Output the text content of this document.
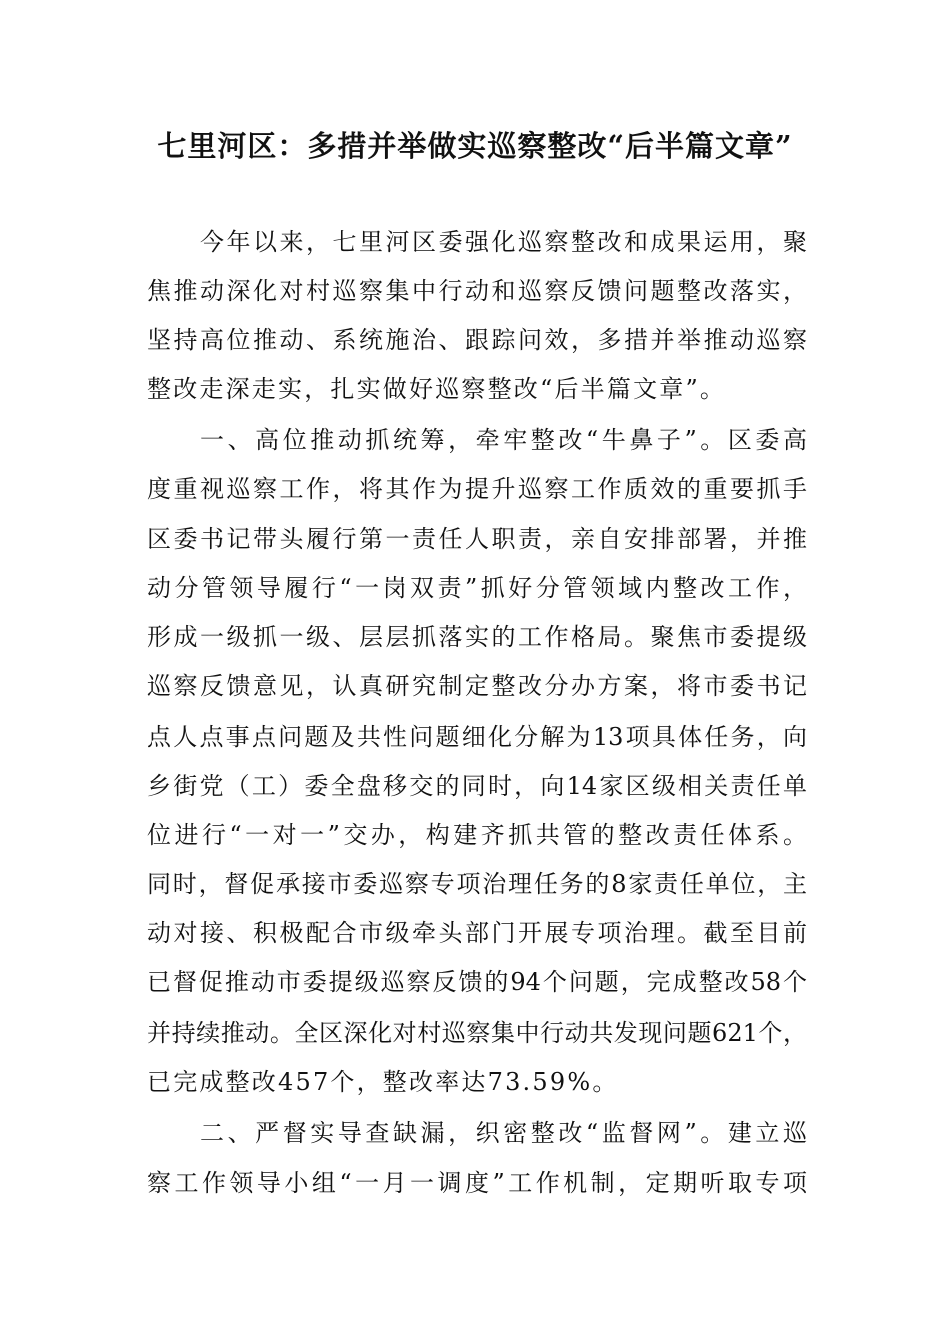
七里河区：多措并举做实巡察整改“后半篇文章”
今年以来，七里河区委强化巡察整改和成果运用，聚
焦推动深化对村巡察集中行动和巡察反馈问题整改落实，
坚持高位推动、系统施治、跟踪问效，多措并举推动巡察
整改走深走实，扎实做好巡察整改“后半篇文章”。
一、高位推动抓统筹，牵牢整改“牛鼻子”。区委高
度重视巡察工作，将其作为提升巡察工作质效的重要抓手
区委书记带头履行第一责任人职责，亲自安排部署，并推
动分管领导履行“一岗双责”抓好分管领域内整改工作，
形成一级抓一级、层层抓落实的工作格局。聚焦市委提级
巡察反馈意见，认真研究制定整改分办方案，将市委书记
点人点事点问题及共性问题细化分解为13项具体任务，向
乡街党（工）委全盘移交的同时，向14家区级相关责任单
位进行“一对一”交办，构建齐抓共管的整改责任体系。
同时，督促承接市委巡察专项治理任务的8家责任单位，主
动对接、积极配合市级牵头部门开展专项治理。截至目前
已督促推动市委提级巡察反馈的94个问题，完成整改58个
并持续推动。全区深化对村巡察集中行动共发现问题621个，
已完成整改457个，整改率达73.59%。
二、严督实导查缺漏，织密整改“监督网”。建立巡
察工作领导小组“一月一调度”工作机制，定期听取专项
